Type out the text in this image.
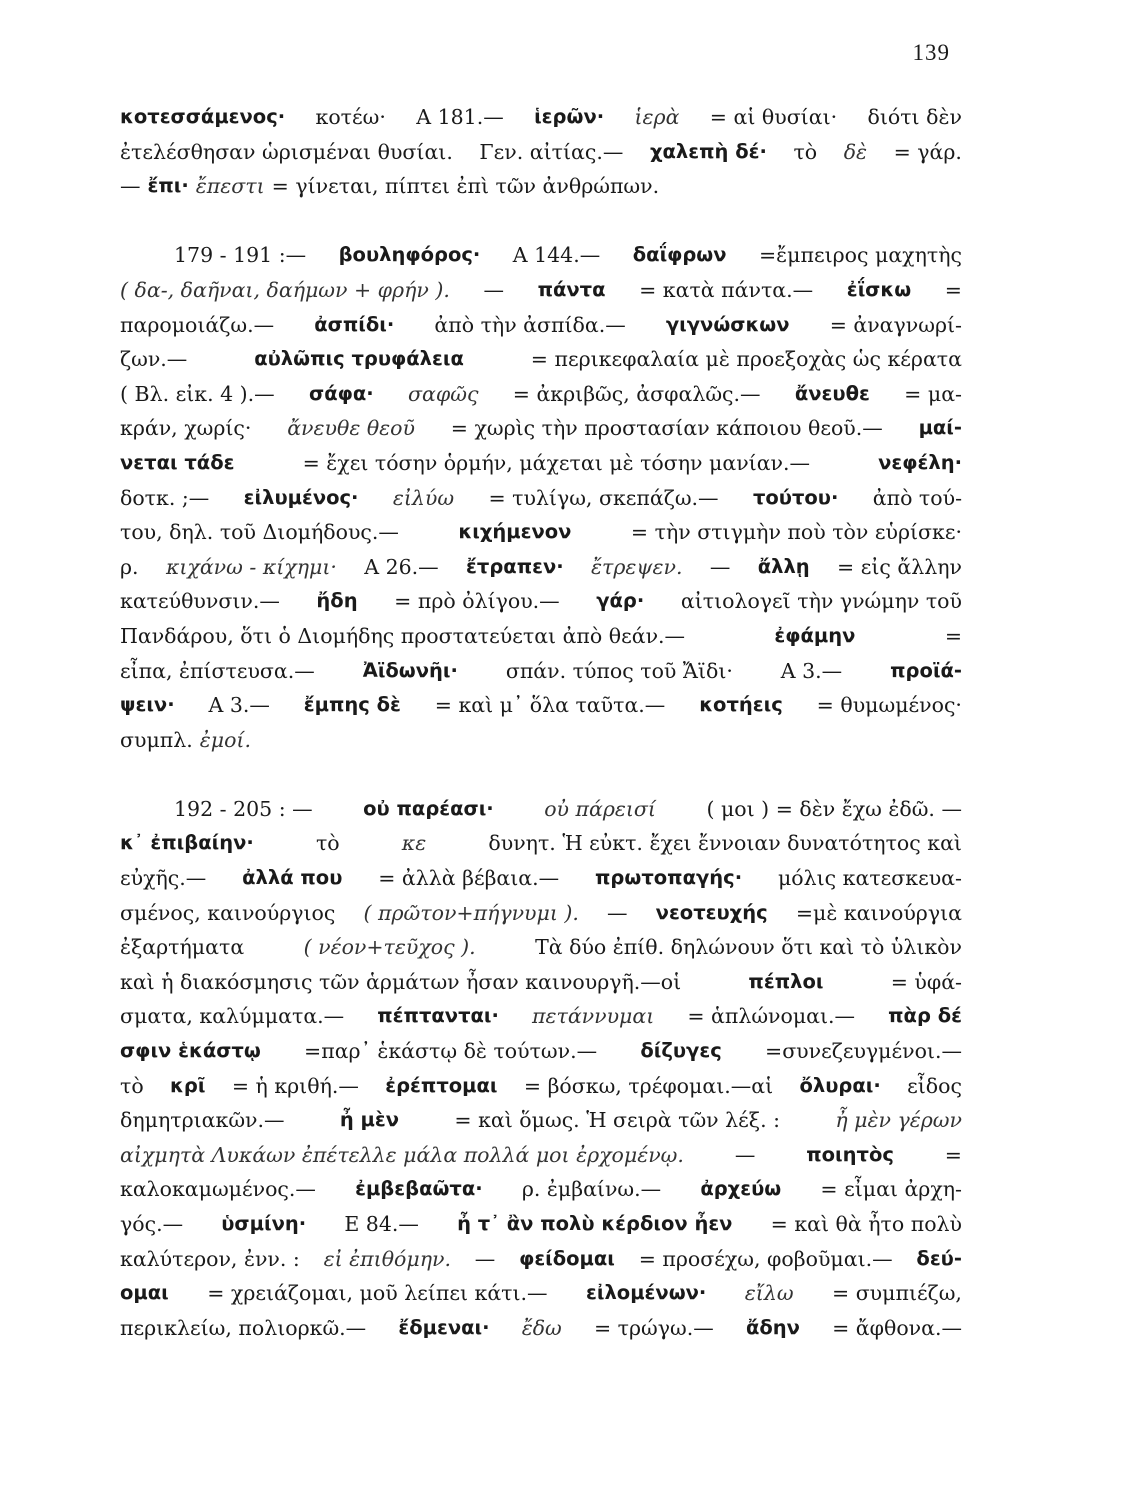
139
κοτεσσάμενος· κοτέω· Α 181.— ἱερῶν· ἱερὰ = αἱ θυσίαι· διότι δὲν
ἐτελέσθησαν ὡρισμέναι θυσίαι. Γεν. αἰτίας.— χαλεπὴ δέ· τὸ δὲ = γάρ.
— ἔπι· ἔπεστι = γίνεται, πίπτει ἐπὶ τῶν ἀνθρώπων.
179 - 191 :— βουληφόρος· Α 144.— δαΐφρων =ἔμπειρος μαχητὴς
( δα-, δαῆναι, δαήμων + φρήν ). — πάντα = κατὰ πάντα.— ἐΐσκω =
παρομοιάζω.— ἀσπίδι· ἀπὸ τὴν ἀσπίδα.— γιγνώσκων = ἀναγνωρί-
ζων.—	αὐλῶπις τρυφάλεια	= περικεφαλαία μὲ προεξοχὰς ὡς κέρατα
( Βλ. εἰκ. 4 ).— σάφα· σαφῶς = ἀκριβῶς, ἀσφαλῶς.— ἄνευθε = μα-
κράν, χωρίς· ἄνευθε θεοῦ = χωρὶς τὴν προστασίαν κάποιου θεοῦ.— μαί-
νεται τάδε	= ἔχει τόσην ὁρμήν, μάχεται μὲ τόσην μανίαν.—	νεφέλη·
δοτκ. ;— εἰλυμένος· εἰλύω = τυλίγω, σκεπάζω.— τούτου· ἀπὸ τού-
του, δηλ. τοῦ Διομήδους.—	κιχήμενον	= τὴν στιγμὴν ποὺ τὸν εὑρίσκε·
ρ. κιχάνω - κίχημι· Α 26.— ἔτραπεν· ἔτρεψεν. — ἄλλῃ = εἰς ἄλλην
κατεύθυνσιν.— ἤδη = πρὸ ὀλίγου.— γάρ· αἰτιολογεῖ τὴν γνώμην τοῦ
Πανδάρου, ὅτι ὁ Διομήδης προστατεύεται ἀπὸ θεάν.—	ἐφάμην	=
εἶπα, ἐπίστευσα.— Ἀϊδωνῆι· σπάν. τύπος τοῦ Ἄϊδι· Α 3.— προϊά-
ψειν· Α 3.— ἔμπης δὲ = καὶ μ᾿ ὅλα ταῦτα.— κοτήεις = θυμωμένος·
συμπλ. ἐμοί.
192 - 205 : —	οὐ παρέασι· οὐ πάρεισί ( μοι ) = δὲν ἔχω ἐδῶ. —
κ᾿ ἐπιβαίην·	τὸ	κε	δυνητ. Ἡ εὐκτ. ἔχει ἔννοιαν δυνατότητος καὶ
εὐχῆς.— ἀλλά που = ἀλλὰ βέβαια.— πρωτοπαγής· μόλις κατεσκευα-
σμένος, καινούργιος ( πρῶτον+πήγνυμι ). — νεοτευχής =μὲ καινούργια
ἐξαρτήματα	( νέον+τεῦχος ).	Τὰ δύο ἐπίθ. δηλώνουν ὅτι καὶ τὸ ὑλικὸν
καὶ ἡ διακόσμησις τῶν ἁρμάτων ἦσαν καινουργῆ.—οἱ	πέπλοι	= ὑφά-
σματα, καλύμματα.— πέπτανται· πετάννυμαι = ἁπλώνομαι.— πὰρ δέ
σφιν ἑκάστῳ =παρ᾿ ἑκάστῳ δὲ τούτων.— δίζυγες =συνεζευγμένοι.—
τὸ κρῖ = ἡ κριθή.— ἐρέπτομαι = βόσκω, τρέφομαι.—αἱ ὄλυραι· εἶδος
δημητριακῶν.—	ἦ μὲν	= καὶ ὅμως. Ἡ σειρὰ τῶν λέξ. :	ἦ μὲν γέρων
αἰχμητὰ Λυκάων ἐπέτελλε μάλα πολλά μοι ἐρχομένῳ. —	ποιητὸς =
καλοκαμωμένος.— ἐμβεβαῶτα· ρ. ἐμβαίνω.— ἀρχεύω = εἶμαι ἀρχη-
γός.— ὑσμίνη· Ε 84.— ἦ τ᾿ ἂν πολὺ κέρδιον ἦεν = καὶ θὰ ἦτο πολὺ
καλύτερον, ἐνν. : εἰ ἐπιθόμην. — φείδομαι = προσέχω, φοβοῦμαι.— δεύ-
ομαι = χρειάζομαι, μοῦ λείπει κάτι.— εἰλομένων· εἴλω = συμπιέζω,
περικλείω, πολιορκῶ.— ἔδμεναι· ἔδω = τρώγω.— ἄδην = ἄφθονα.—
